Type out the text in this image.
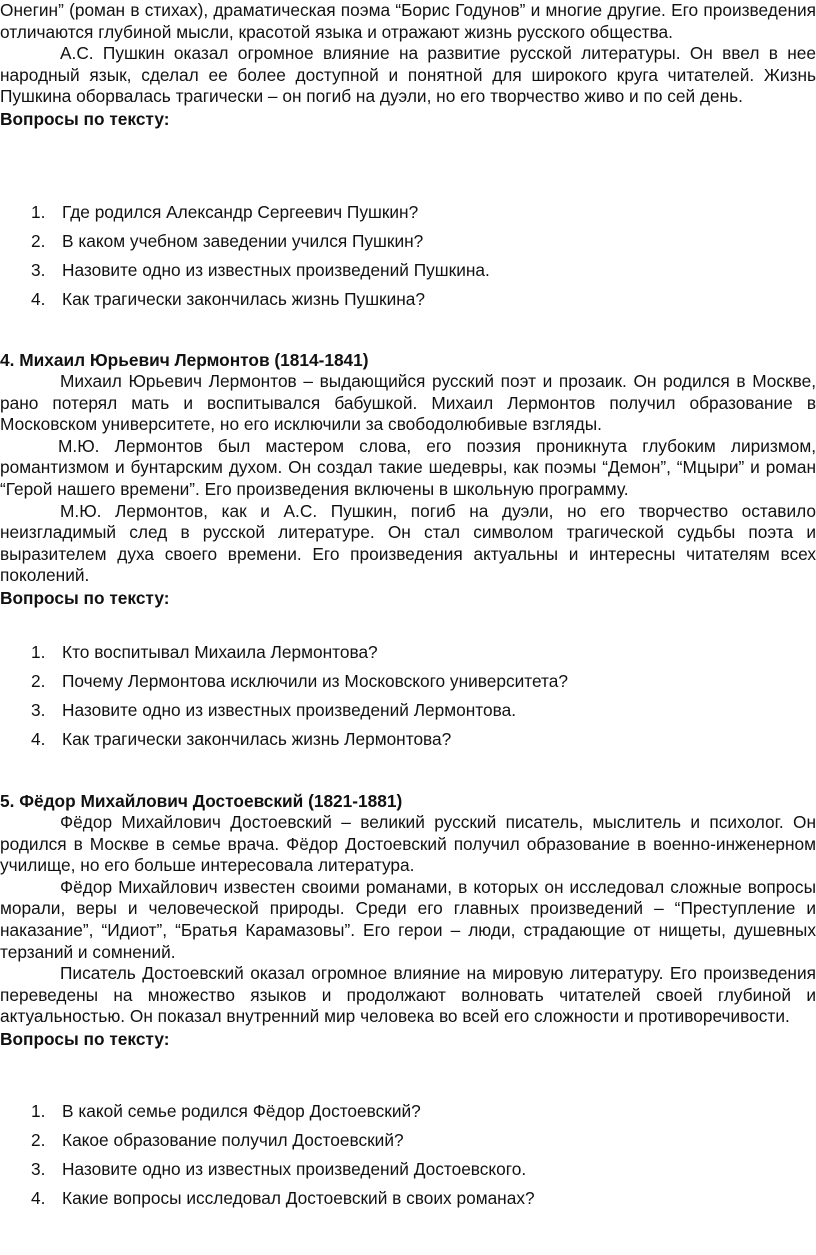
Онегин” (роман в стихах), драматическая поэма “Борис Годунов” и многие другие. Его произведения отличаются глубиной мысли, красотой языка и отражают жизнь русского общества.

А.С. Пушкин оказал огромное влияние на развитие русской литературы. Он ввел в нее народный язык, сделал ее более доступной и понятной для широкого круга читателей. Жизнь Пушкина оборвалась трагически – он погиб на дуэли, но его творчество живо и по сей день.

Вопросы по тексту:

1. Где родился Александр Сергеевич Пушкин?
2. В каком учебном заведении учился Пушкин?
3. Назовите одно из известных произведений Пушкина.
4. Как трагически закончилась жизнь Пушкина?

4. Михаил Юрьевич Лермонтов (1814-1841)

Михаил Юрьевич Лермонтов – выдающийся русский поэт и прозаик. Он родился в Москве, рано потерял мать и воспитывался бабушкой. Михаил Лермонтов получил образование в Московском университете, но его исключили за свободолюбивые взгляды.

М.Ю. Лермонтов был мастером слова, его поэзия проникнута глубоким лиризмом, романтизмом и бунтарским духом. Он создал такие шедевры, как поэмы “Демон”, “Мцыри” и роман “Герой нашего времени”. Его произведения включены в школьную программу.

М.Ю. Лермонтов, как и А.С. Пушкин, погиб на дуэли, но его творчество оставило неизгладимый след в русской литературе. Он стал символом трагической судьбы поэта и выразителем духа своего времени. Его произведения актуальны и интересны читателям всех поколений.

Вопросы по тексту:

1. Кто воспитывал Михаила Лермонтова?
2. Почему Лермонтова исключили из Московского университета?
3. Назовите одно из известных произведений Лермонтова.
4. Как трагически закончилась жизнь Лермонтова?

5. Фёдор Михайлович Достоевский (1821-1881)

Фёдор Михайлович Достоевский – великий русский писатель, мыслитель и психолог. Он родился в Москве в семье врача. Фёдор Достоевский получил образование в военно-инженерном училище, но его больше интересовала литература.

Фёдор Михайлович известен своими романами, в которых он исследовал сложные вопросы морали, веры и человеческой природы. Среди его главных произведений – “Преступление и наказание”, “Идиот”, “Братья Карамазовы”. Его герои – люди, страдающие от нищеты, душевных терзаний и сомнений.

Писатель Достоевский оказал огромное влияние на мировую литературу. Его произведения переведены на множество языков и продолжают волновать читателей своей глубиной и актуальностью. Он показал внутренний мир человека во всей его сложности и противоречивости.

Вопросы по тексту:

1. В какой семье родился Фёдор Достоевский?
2. Какое образование получил Достоевский?
3. Назовите одно из известных произведений Достоевского.
4. Какие вопросы исследовал Достоевский в своих романах?
